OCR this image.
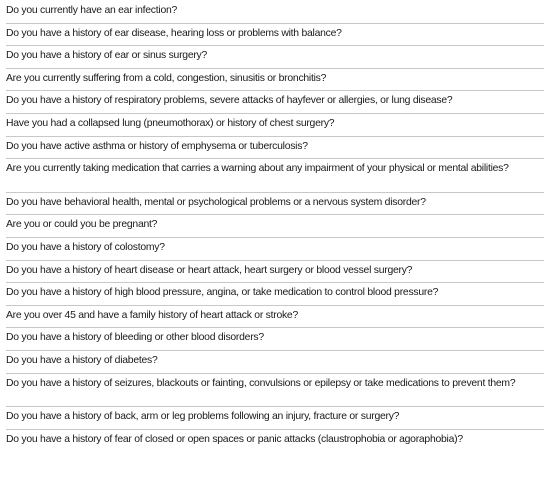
Do you currently have an ear infection?
Do you have a history of ear disease, hearing loss or problems with balance?
Do you have a history of ear or sinus surgery?
Are you currently suffering from a cold, congestion, sinusitis or bronchitis?
Do you have a history of respiratory problems, severe attacks of hayfever or allergies, or lung disease?
Have you had a collapsed lung (pneumothorax) or history of chest surgery?
Do you have active asthma or history of emphysema or tuberculosis?
Are you currently taking medication that carries a warning about any impairment of your physical or mental abilities?
Do you have behavioral health, mental or psychological problems or a nervous system disorder?
Are you or could you be pregnant?
Do you have a history of colostomy?
Do you have a history of heart disease or heart attack, heart surgery or blood vessel surgery?
Do you have a history of high blood pressure, angina, or take medication to control blood pressure?
Are you over 45 and have a family history of heart attack or stroke?
Do you have a history of bleeding or other blood disorders?
Do you have a history of diabetes?
Do you have a history of seizures, blackouts or fainting, convulsions or epilepsy or take medications to prevent them?
Do you have a history of back, arm or leg problems following an injury, fracture or surgery?
Do you have a history of fear of closed or open spaces or panic attacks (claustrophobia or agoraphobia)?
